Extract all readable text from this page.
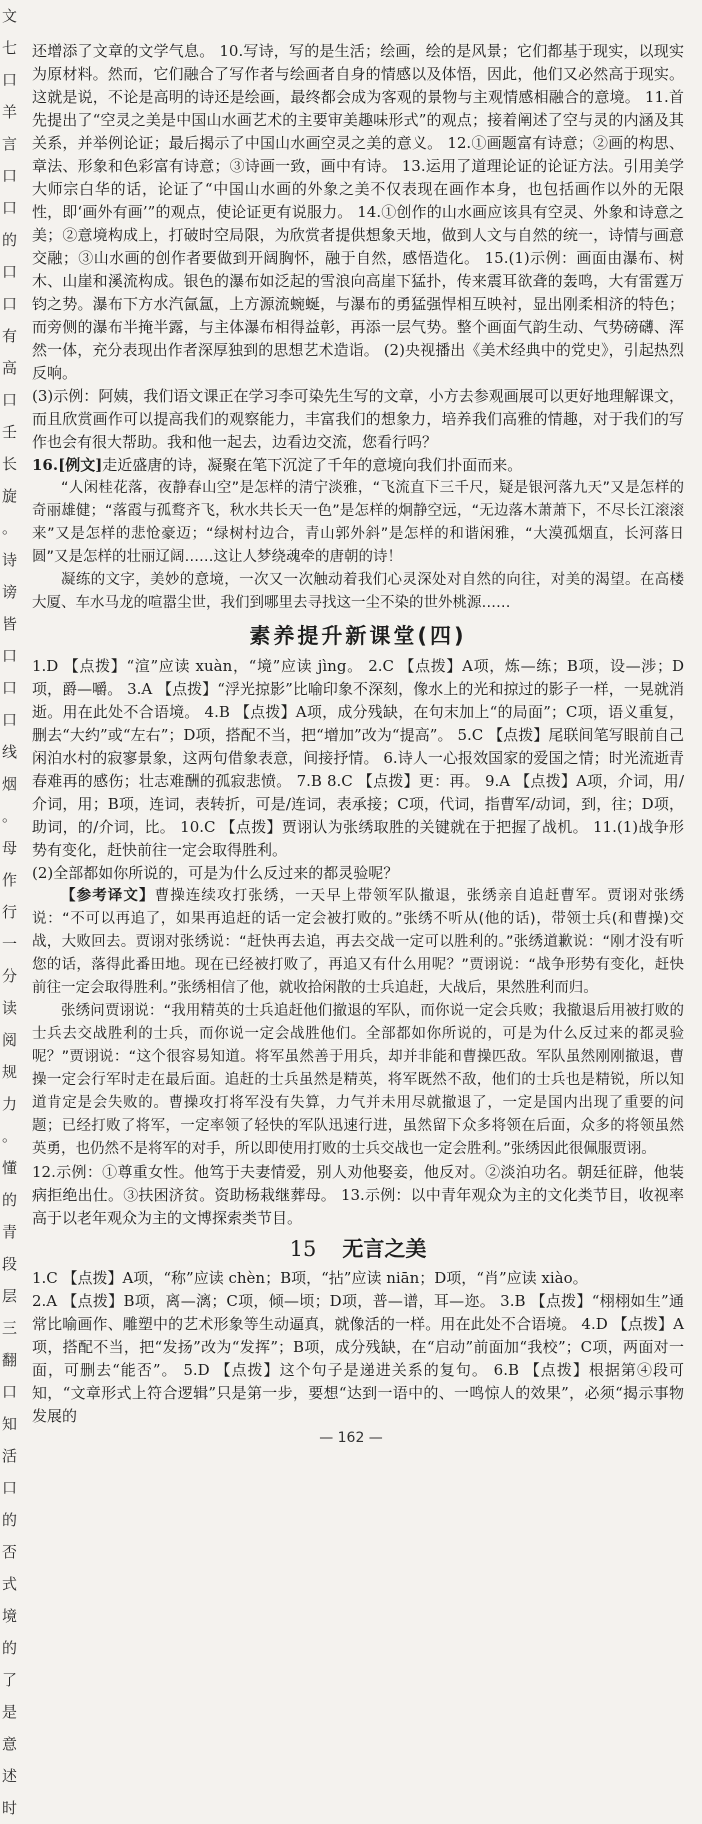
文
七
口
羊
言
口
口
的
口
口
有
高
口
壬
长
旋
。
诗
谤
皆
口
口
口
线
烟
。
母
作
行
一
分
读
阅
规
力
。
懂
的
青
段
层
三
翻
口
知
活
口
的
否
式
境
的
了
是
意
述
时

还增添了文章的文学气息。 10.写诗，写的是生活；绘画，绘的是风景；它们都基于现实，以现实为原材料。然而，它们融合了写作者与绘画者自身的情感以及体悟，因此，他们又必然高于现实。这就是说，不论是高明的诗还是绘画，最终都会成为客观的景物与主观情感相融合的意境。 11.首先提出了“空灵之美是中国山水画艺术的主要审美趣味形式”的观点；接着阐述了空与灵的内涵及其关系，并举例论证；最后揭示了中国山水画空灵之美的意义。 12.①画题富有诗意；②画的构思、章法、形象和色彩富有诗意；③诗画一致，画中有诗。 13.运用了道理论证的论证方法。引用美学大师宗白华的话，论证了“中国山水画的外象之美不仅表现在画作本身，也包括画作以外的无限性，即‘画外有画’”的观点，使论证更有说服力。 14.①创作的山水画应该具有空灵、外象和诗意之美；②意境构成上，打破时空局限，为欣赏者提供想象天地，做到人文与自然的统一，诗情与画意交融；③山水画的创作者要做到开阔胸怀，融于自然，感悟造化。 15.(1)示例：画面由瀑布、树木、山崖和溪流构成。银色的瀑布如泛起的雪浪向高崖下猛扑，传来震耳欲聋的轰鸣，大有雷霆万钧之势。瀑布下方水汽氤氲，上方源流蜿蜒，与瀑布的勇猛强悍相互映衬，显出刚柔相济的特色；而旁侧的瀑布半掩半露，与主体瀑布相得益彰，再添一层气势。整个画面气韵生动、气势磅礴、浑然一体，充分表现出作者深厚独到的思想艺术造诣。 (2)央视播出《美术经典中的党史》，引起热烈反响。

(3)示例：阿姨，我们语文课正在学习李可染先生写的文章，小方去参观画展可以更好地理解课文，而且欣赏画作可以提高我们的观察能力，丰富我们的想象力，培养我们高雅的情趣，对于我们的写作也会有很大帮助。我和他一起去，边看边交流，您看行吗？

16.[例文]走近盛唐的诗，凝聚在笔下沉淀了千年的意境向我们扑面而来。

“人闲桂花落，夜静春山空”是怎样的清宁淡雅，“飞流直下三千尺，疑是银河落九天”又是怎样的奇丽雄健；“落霞与孤鹜齐飞，秋水共长天一色”是怎样的炯静空远，“无边落木萧萧下，不尽长江滚滚来”又是怎样的悲怆豪迈；“绿树村边合，青山郭外斜”是怎样的和谐闲雅，“大漠孤烟直，长河落日圆”又是怎样的壮丽辽阔……这让人梦绕魂牵的唐朝的诗！

凝练的文字，美妙的意境，一次又一次触动着我们心灵深处对自然的向往，对美的渴望。在高楼大厦、车水马龙的喧嚣尘世，我们到哪里去寻找这一尘不染的世外桃源……

素养提升新课堂(四)

1.D 【点拨】“渲”应读 xuàn，“境”应读 jìng。 2.C 【点拨】A项，炼—练；B项，设—涉；D项，爵—嚼。 3.A 【点拨】“浮光掠影”比喻印象不深刻，像水上的光和掠过的影子一样，一晃就消逝。用在此处不合语境。 4.B 【点拨】A项，成分残缺，在句末加上“的局面”；C项，语义重复，删去“大约”或“左右”；D项，搭配不当，把“增加”改为“提高”。 5.C 【点拨】尾联间笔写眼前自己闲泊水村的寂寥景象，这两句借象表意，间接抒情。 6.诗人一心报效国家的爱国之情；时光流逝青春难再的感伤；壮志难酬的孤寂悲愤。 7.B 8.C 【点拨】更：再。 9.A 【点拨】A项，介词，用/介词，用；B项，连词，表转折，可是/连词，表承接；C项，代词，指曹军/动词，到，往；D项，助词，的/介词，比。 10.C 【点拨】贾诩认为张绣取胜的关键就在于把握了战机。 11.(1)战争形势有变化，赶快前往一定会取得胜利。

(2)全部都如你所说的，可是为什么反过来的都灵验呢？

【参考译文】曹操连续攻打张绣，一天早上带领军队撤退，张绣亲自追赶曹军。贾诩对张绣说：“不可以再追了，如果再追赶的话一定会被打败的。”张绣不听从(他的话)，带领士兵(和曹操)交战，大败回去。贾诩对张绣说：“赶快再去追，再去交战一定可以胜利的。”张绣道歉说：“刚才没有听您的话，落得此番田地。现在已经被打败了，再追又有什么用呢？”贾诩说：“战争形势有变化，赶快前往一定会取得胜利。”张绣相信了他，就收拾闲散的士兵追赶，大战后，果然胜利而归。

张绣问贾诩说：“我用精英的士兵追赶他们撤退的军队，而你说一定会兵败；我撤退后用被打败的士兵去交战胜利的士兵，而你说一定会战胜他们。全部都如你所说的，可是为什么反过来的都灵验呢？”贾诩说：“这个很容易知道。将军虽然善于用兵，却并非能和曹操匹敌。军队虽然刚刚撤退，曹操一定会行军时走在最后面。追赶的士兵虽然是精英，将军既然不敌，他们的士兵也是精锐，所以知道肯定是会失败的。曹操攻打将军没有失算，力气并未用尽就撤退了，一定是国内出现了重要的问题；已经打败了将军，一定率领了轻快的军队迅速行进，虽然留下众多将领在后面，众多的将领虽然英勇，也仍然不是将军的对手，所以即使用打败的士兵交战也一定会胜利。”张绣因此很佩服贾诩。

12.示例：①尊重女性。他笃于夫妻情爱，别人劝他娶妾，他反对。②淡泊功名。朝廷征辟，他装病拒绝出仕。③扶困济贫。资助杨栽继葬母。 13.示例：以中青年观众为主的文化类节目，收视率高于以老年观众为主的文博探索类节目。

15 无言之美

1.C 【点拨】A项，“称”应读 chèn；B项，“拈”应读 niān；D项，“肖”应读 xiào。

2.A 【点拨】B项，离—漓；C项，倾—顷；D项，普—谱，耳—迩。 3.B 【点拨】“栩栩如生”通常比喻画作、雕塑中的艺术形象等生动逼真，就像活的一样。用在此处不合语境。 4.D 【点拨】A项，搭配不当，把“发扬”改为“发挥”；B项，成分残缺，在“启动”前面加“我校”；C项，两面对一面，可删去“能否”。 5.D 【点拨】这个句子是递进关系的复句。 6.B 【点拨】根据第④段可知，“文章形式上符合逻辑”只是第一步，要想“达到一语中的、一鸣惊人的效果”，必须“揭示事物发展的

— 162 —
